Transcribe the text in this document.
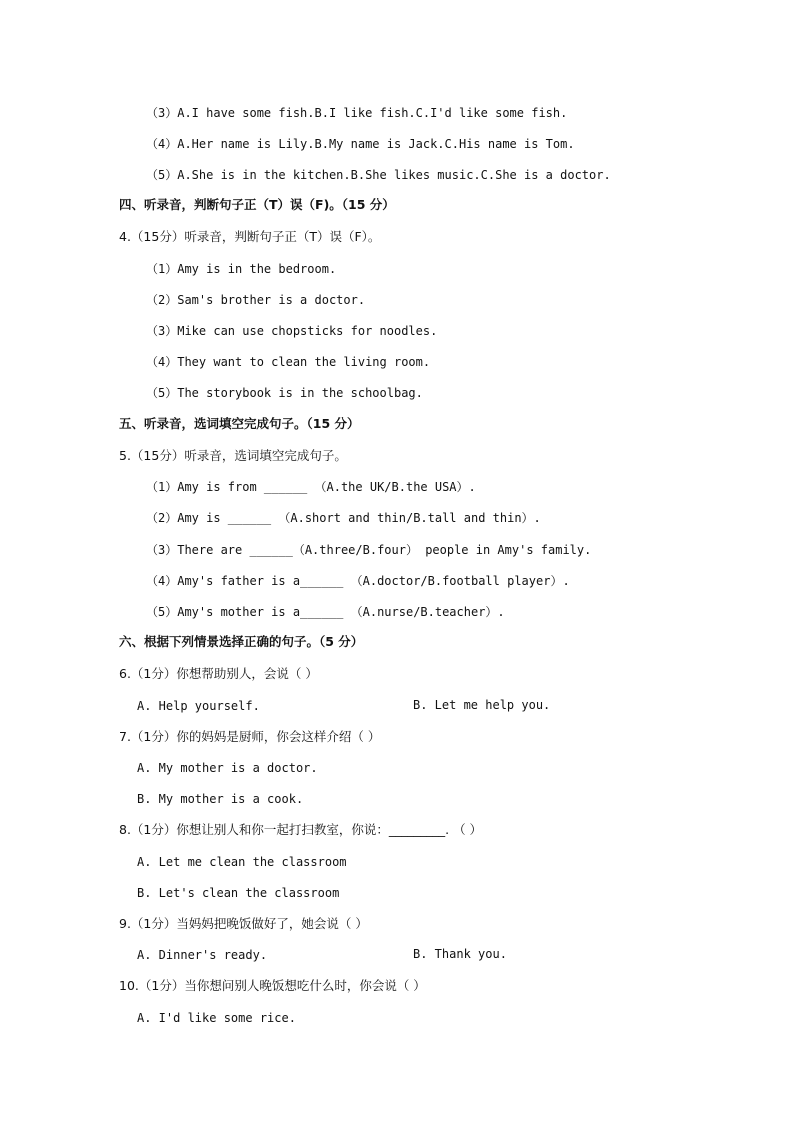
（3）A.I have some fish.B.I like fish.C.I'd like some fish.
（4）A.Her name is Lily.B.My name is Jack.C.His name is Tom.
（5）A.She is in the kitchen.B.She likes music.C.She is a doctor.
四、听录音，判断句子正（T）误（F)。（15 分）
4.（15分）听录音，判断句子正（T）误（F）。
（1）Amy is in the bedroom.
（2）Sam's brother is a doctor.
（3）Mike can use chopsticks for noodles.
（4）They want to clean the living room.
（5）The storybook is in the schoolbag.
五、听录音，选词填空完成句子。（15 分）
5.（15分）听录音，选词填空完成句子。
（1）Amy is from ______ （A.the UK/B.the USA）.
（2）Amy is ______ （A.short and thin/B.tall and thin）.
（3）There are ______（A.three/B.four） people in Amy's family.
（4）Amy's father is a______ （A.doctor/B.football player）.
（5）Amy's mother is a______ （A.nurse/B.teacher）.
六、根据下列情景选择正确的句子。（5 分）
6.（1分）你想帮助别人，会说（ ）
A. Help yourself.	B. Let me help you.
7.（1分）你的妈妈是厨师，你会这样介绍（ ）
A. My mother is a doctor.
B. My mother is a cook.
8.（1分）你想让别人和你一起打扫教室，你说：_________. （ ）
A. Let me clean the classroom
B. Let's clean the classroom
9.（1分）当妈妈把晚饭做好了，她会说（ ）
A. Dinner's ready.	B. Thank you.
10.（1分）当你想问别人晚饭想吃什么时，你会说（ ）
A. I'd like some rice.
